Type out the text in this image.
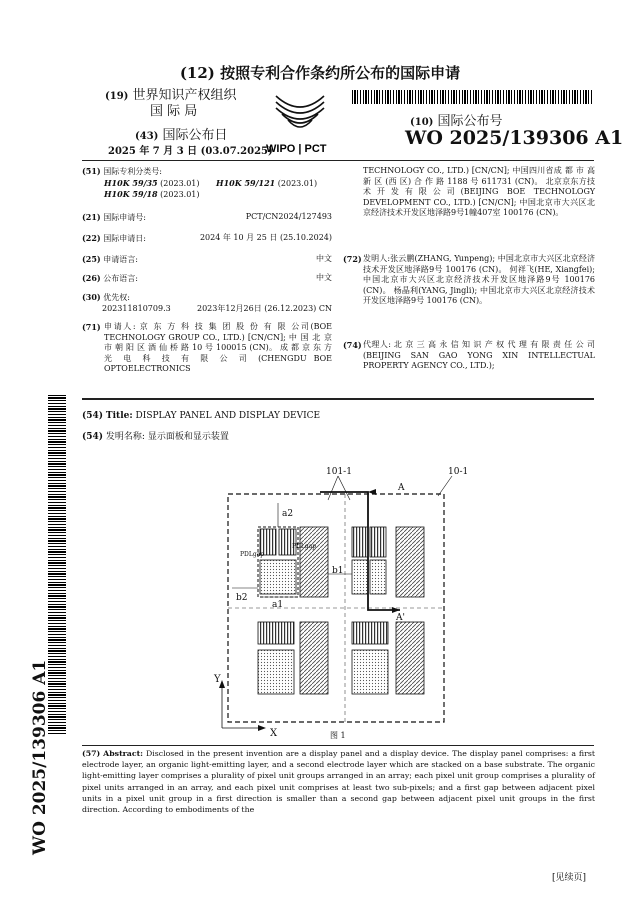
(12) 按照专利合作条约所公布的国际申请
(19) 世界知识产权组织
国 际 局
(43) 国际公布日
2025 年 7 月 3 日 (03.07.2025)
WIPO | PCT
(10) 国际公布号
WO 2025/139306 A1
(51) 国际专利分类号:
H10K 59/35 (2023.01) H10K 59/121 (2023.01)
H10K 59/18 (2023.01)
(21) 国际申请号:	PCT/CN2024/127493
(22) 国际申请日:	2024 年 10 月 25 日 (25.10.2024)
(25) 申请语言:	中文
(26) 公布语言:	中文
(30) 优先权:
202311810709.3	2023年12月26日 (26.12.2023) CN
(71) 申请人: 京 东 方 科 技 集 团 股 份 有 限 公司(BOE TECHNOLOGY GROUP CO., LTD.) [CN/CN]; 中 国 北 京 市 朝 阳 区 酒 仙 桥 路 10 号 100015 (CN)。 成 都 京 东 方 光 电 科 技 有 限 公 司 (CHENGDU BOE OPTOELECTRONICS
TECHNOLOGY CO., LTD.) [CN/CN]; 中国四川省成 都 市 高 新 区 (西 区) 合 作 路 1188 号 611731 (CN)。 北京京东方技术开发有限公司(BEIJING BOE TECHNOLOGY DEVELOPMENT CO., LTD.) [CN/CN]; 中国北京市大兴区北京经济技术开发区地泽路9号1幢407室 100176 (CN)。
(72) 发明人:张云鹏(ZHANG, Yunpeng); 中国北京市大兴区北京经济技术开发区地泽路9号 100176 (CN)。 何祥飞(HE, Xiangfei); 中国北京市大兴区北京经济技术开发区地泽路9号 100176 (CN)。 杨晶利(YANG, Jingli); 中国北京市大兴区北京经济技术开发区地泽路9号 100176 (CN)。
(74) 代理人: 北 京 三 高 永 信 知 识 产 权 代 理 有 限 责 任 公 司 (BEIJING SAN GAO YONG XIN INTELLECTUAL PROPERTY AGENCY CO., LTD.);
WO 2025/139306 A1
(54) Title: DISPLAY PANEL AND DISPLAY DEVICE
(54) 发明名称: 显示面板和显示装置
101-1	10-1
A
A'
a2
a1
b1
b2
PDLgap
PDLgap
Y
X	图 1
(57) Abstract: Disclosed in the present invention are a display panel and a display device. The display panel comprises: a first electrode layer, an organic light-emitting layer, and a second electrode layer which are stacked on a base substrate. The organic light-emitting layer comprises a plurality of pixel unit groups arranged in an array; each pixel unit group comprises a plurality of pixel units arranged in an array, and each pixel unit comprises at least two sub-pixels; and a first gap between adjacent pixel units in a pixel unit group in a first direction is smaller than a second gap between adjacent pixel unit groups in the first direction. According to embodiments of the
[见续页]
